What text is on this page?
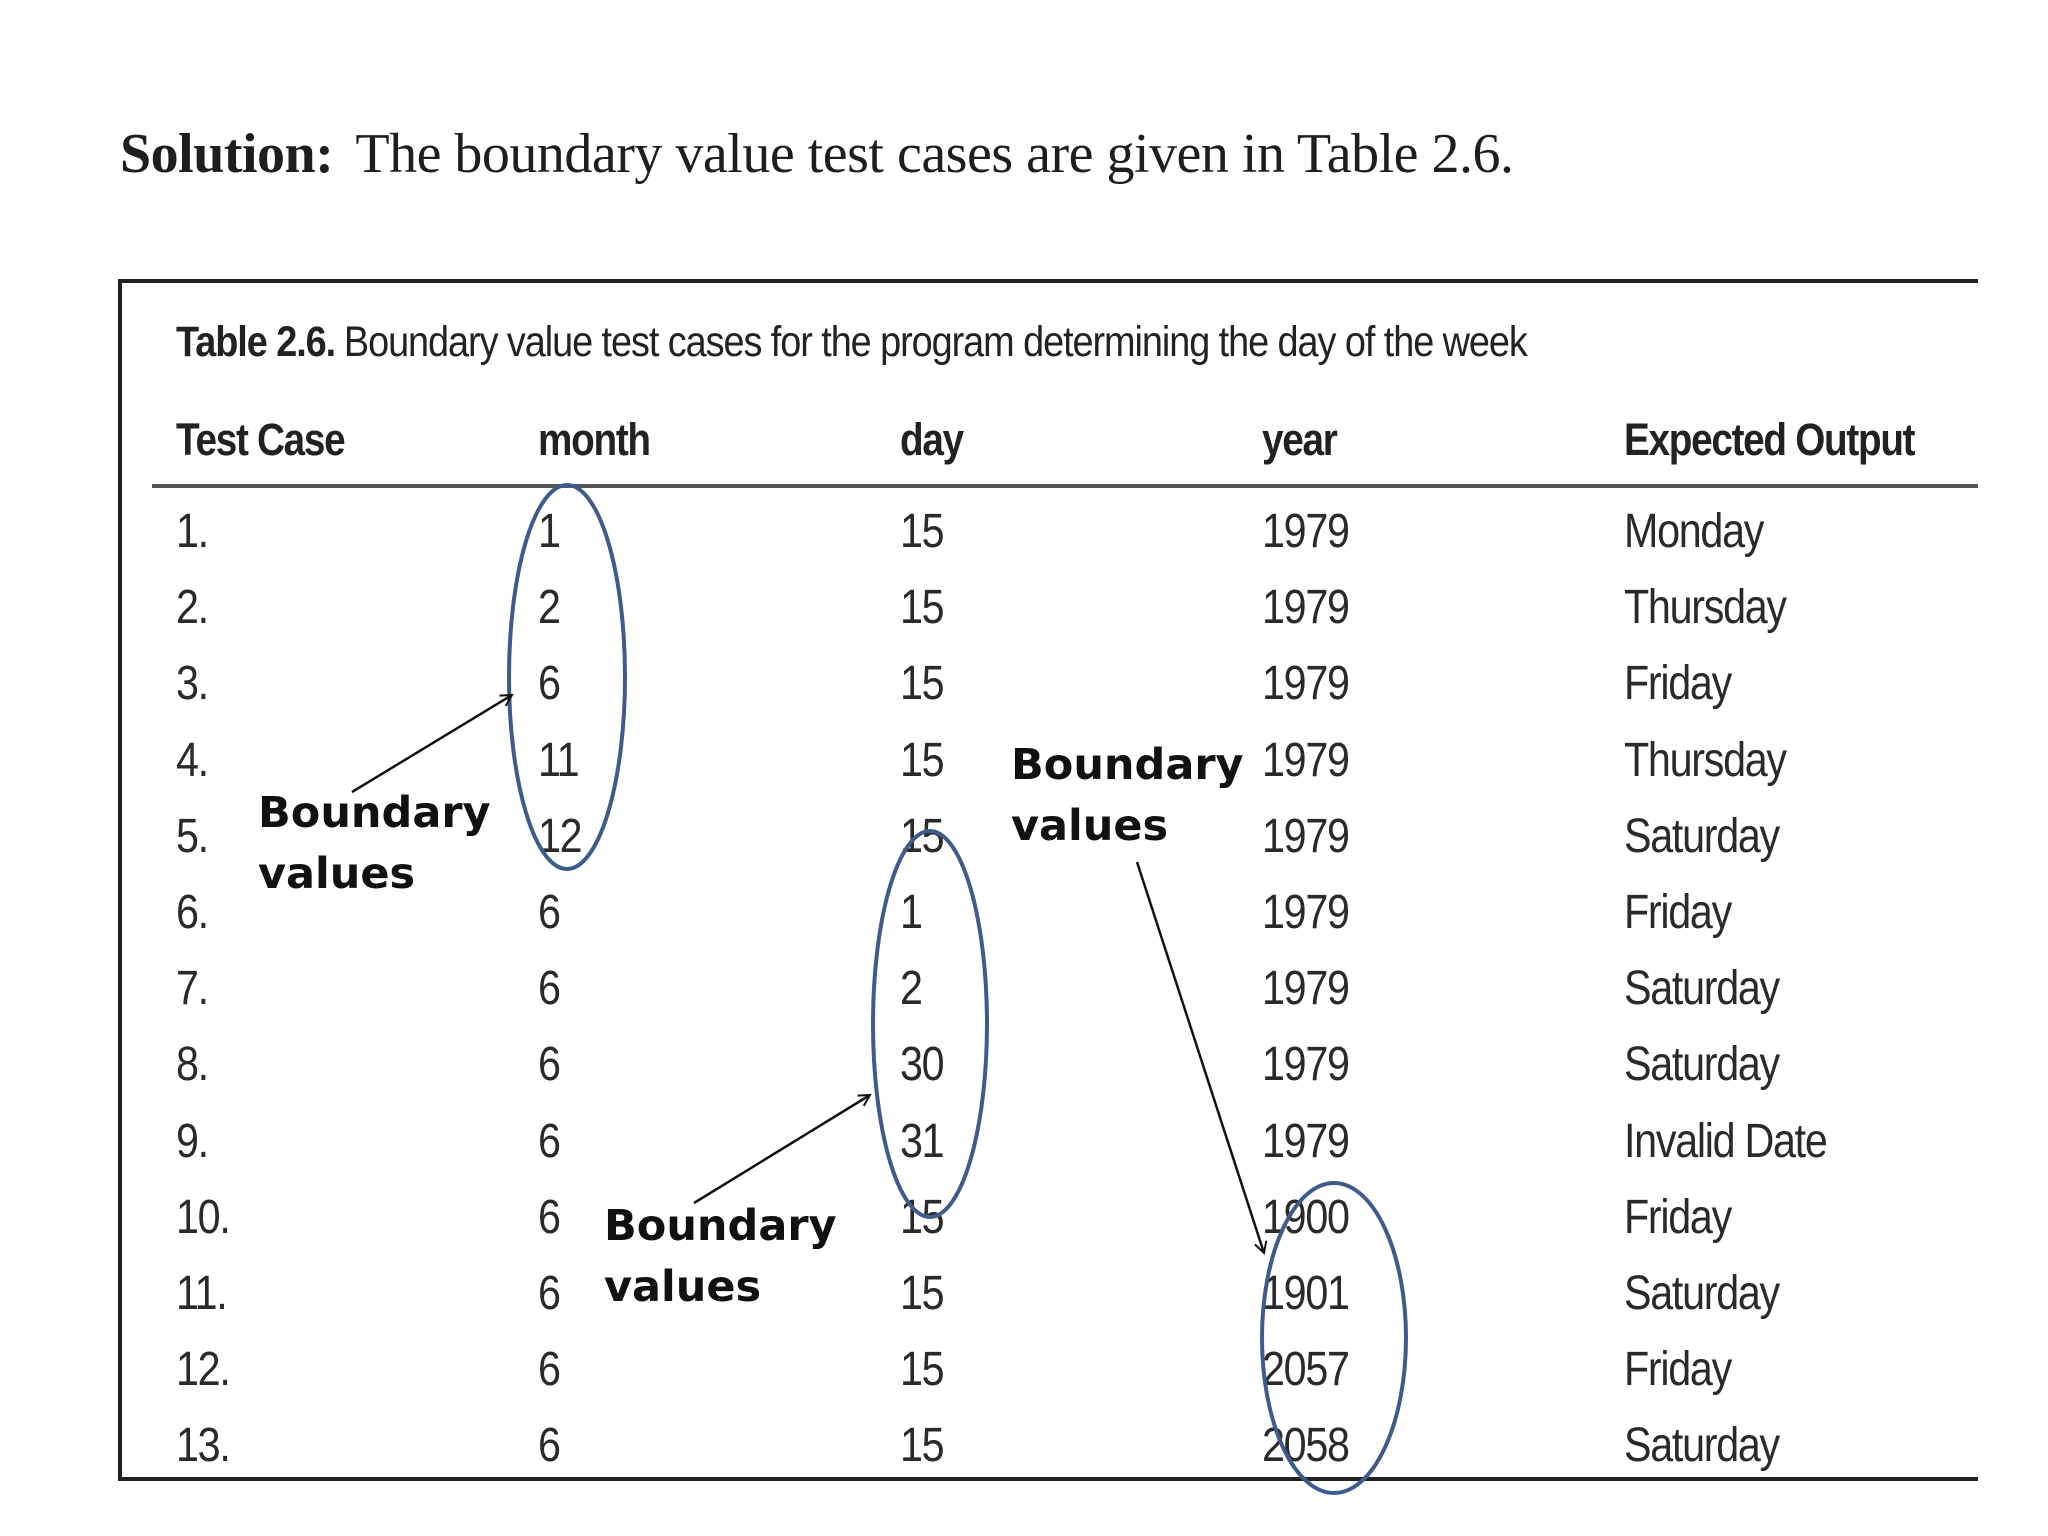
Solution: The boundary value test cases are given in Table 2.6.
Table 2.6. Boundary value test cases for the program determining the day of the week
Test Case	month	day	year	Expected Output
1.	1	15	1979	Monday
2.	2	15	1979	Thursday
3.	6	15	1979	Friday
4.	11	15	1979	Thursday
5.	12	15	1979	Saturday
6.	6	1	1979	Friday
7.	6	2	1979	Saturday
8.	6	30	1979	Saturday
9.	6	31	1979	Invalid Date
10.	6	15	1900	Friday
11.	6	15	1901	Saturday
12.	6	15	2057	Friday
13.	6	15	2058	Saturday
Boundary
values
Boundary
values
Boundary
values
